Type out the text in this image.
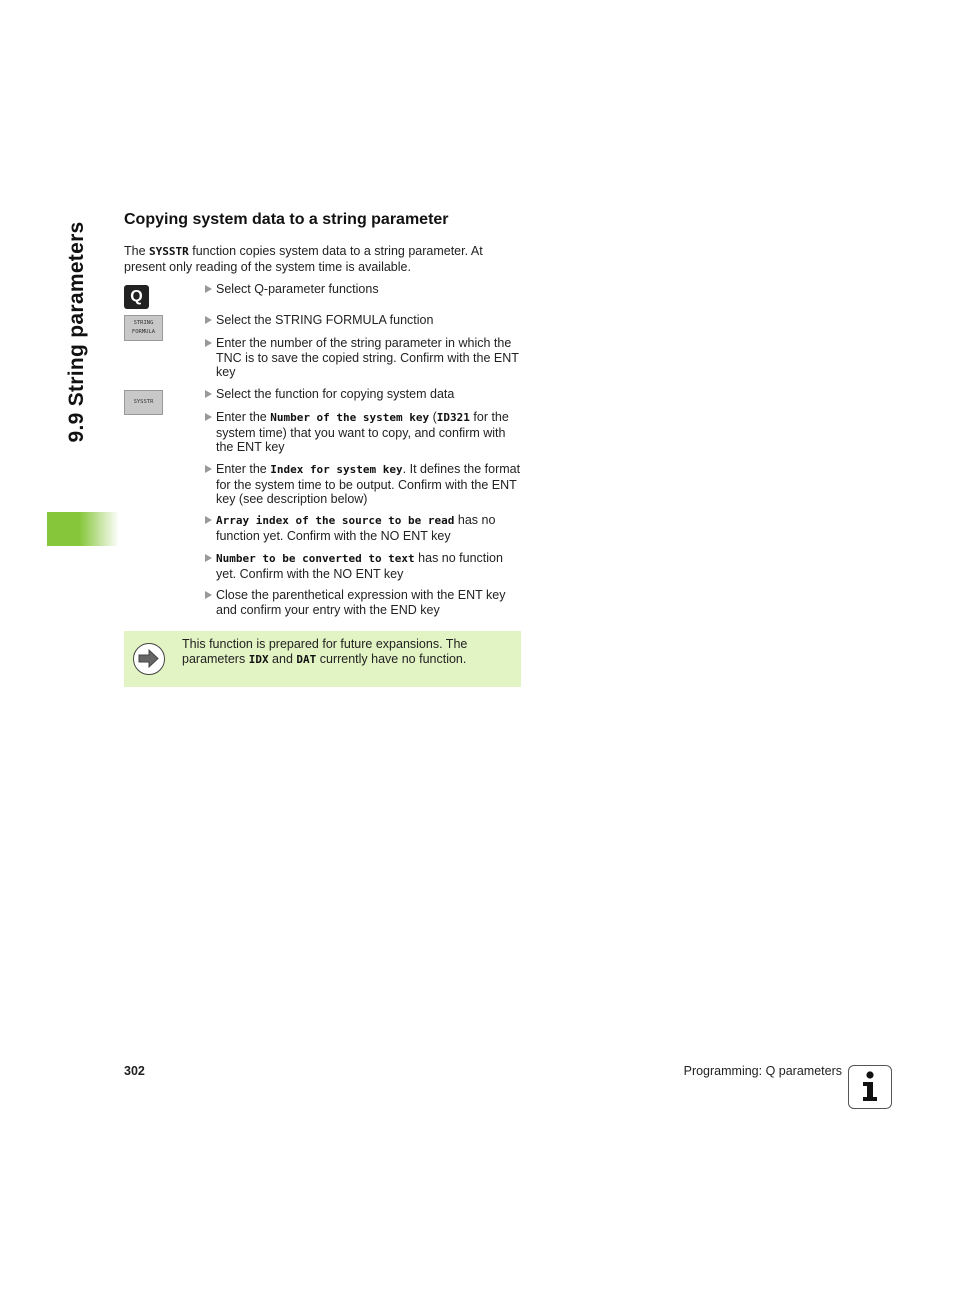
9.9 String parameters
Copying system data to a string parameter

The SYSSTR function copies system data to a string parameter. At present only reading of the system time is available.

Q
STRING
FORMULA
SYSSTR
Select Q-parameter functions
Select the STRING FORMULA function
Enter the number of the string parameter in which the TNC is to save the copied string. Confirm with the ENT key
Select the function for copying system data
Enter the Number of the system key (ID321 for the system time) that you want to copy, and confirm with the ENT key
Enter the Index for system key. It defines the format for the system time to be output. Confirm with the ENT key (see description below)
Array index of the source to be read has no function yet. Confirm with the NO ENT key
Number to be converted to text has no function yet. Confirm with the NO ENT key
Close the parenthetical expression with the ENT key and confirm your entry with the END key
This function is prepared for future expansions. The parameters IDX and DAT currently have no function.
302	Programming: Q parameters
